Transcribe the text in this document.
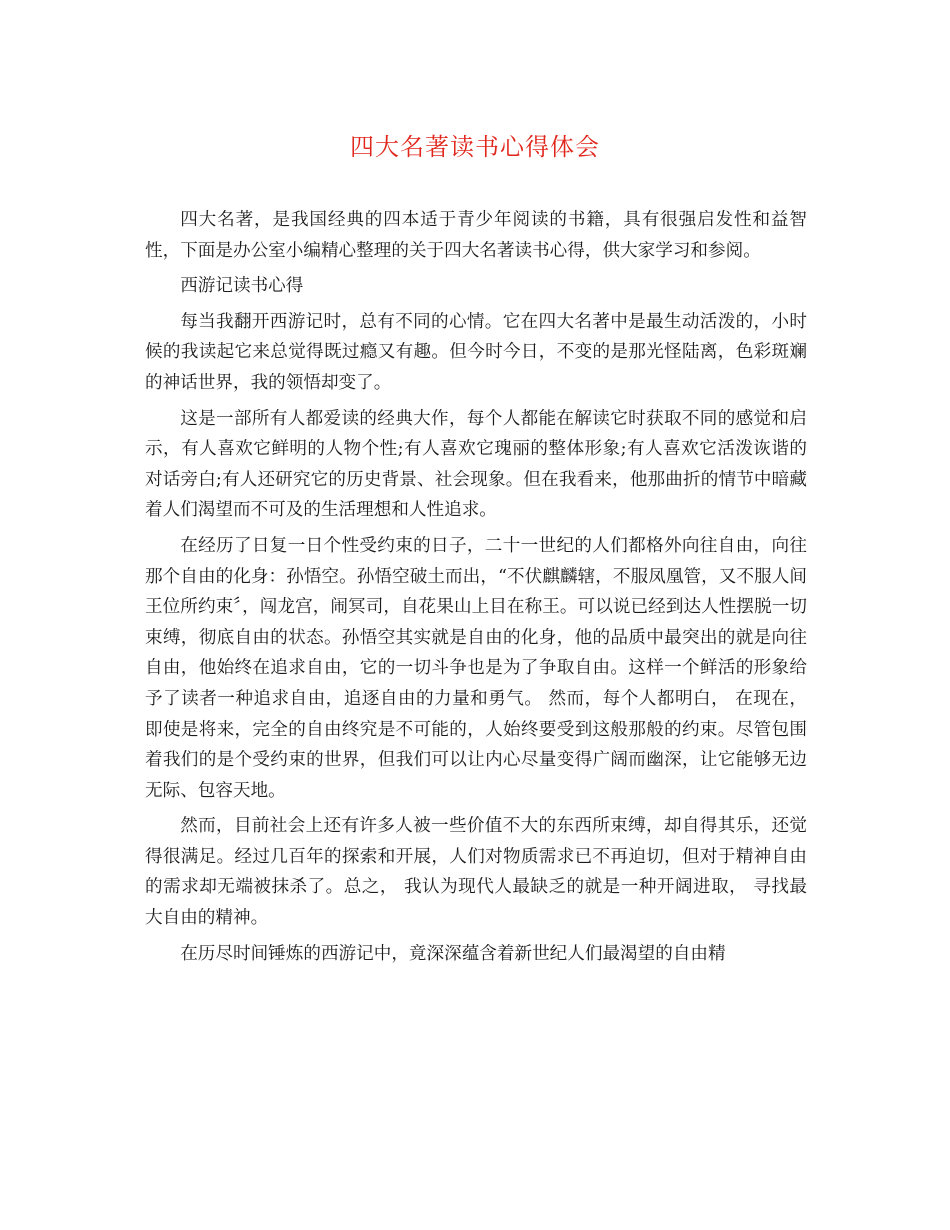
四大名著读书心得体会

四大名著，是我国经典的四本适于青少年阅读的书籍，具有很强启发性和益智性，下面是办公室小编精心整理的关于四大名著读书心得，供大家学习和参阅。

西游记读书心得

每当我翻开西游记时，总有不同的心情。它在四大名著中是最生动活泼的，小时候的我读起它来总觉得既过瘾又有趣。但今时今日，不变的是那光怪陆离，色彩斑斓的神话世界，我的领悟却变了。

这是一部所有人都爱读的经典大作，每个人都能在解读它时获取不同的感觉和启示，有人喜欢它鲜明的人物个性;有人喜欢它瑰丽的整体形象;有人喜欢它活泼诙谐的对话旁白;有人还研究它的历史背景、社会现象。但在我看来，他那曲折的情节中暗藏着人们渴望而不可及的生活理想和人性追求。

在经历了日复一日个性受约束的日子，二十一世纪的人们都格外向往自由，向往那个自由的化身：孙悟空。孙悟空破土而出，“不伏麒麟辖，不服凤凰管，又不服人间王位所约束〞，闯龙宫，闹冥司，自花果山上目在称王。可以说已经到达人性摆脱一切束缚，彻底自由的状态。孙悟空其实就是自由的化身，他的品质中最突出的就是向往自由，他始终在追求自由，它的一切斗争也是为了争取自由。这样一个鲜活的形象给予了读者一种追求自由，追逐自由的力量和勇气。 然而，每个人都明白， 在现在，即使是将来，完全的自由终究是不可能的，人始终要受到这般那般的约束。尽管包围着我们的是个受约束的世界，但我们可以让内心尽量变得广阔而幽深，让它能够无边无际、包容天地。

然而，目前社会上还有许多人被一些价值不大的东西所束缚，却自得其乐，还觉得很满足。经过几百年的探索和开展，人们对物质需求已不再迫切，但对于精神自由的需求却无端被抹杀了。总之， 我认为现代人最缺乏的就是一种开阔进取， 寻找最大自由的精神。

在历尽时间锤炼的西游记中，竟深深蕴含着新世纪人们最渴望的自由精
